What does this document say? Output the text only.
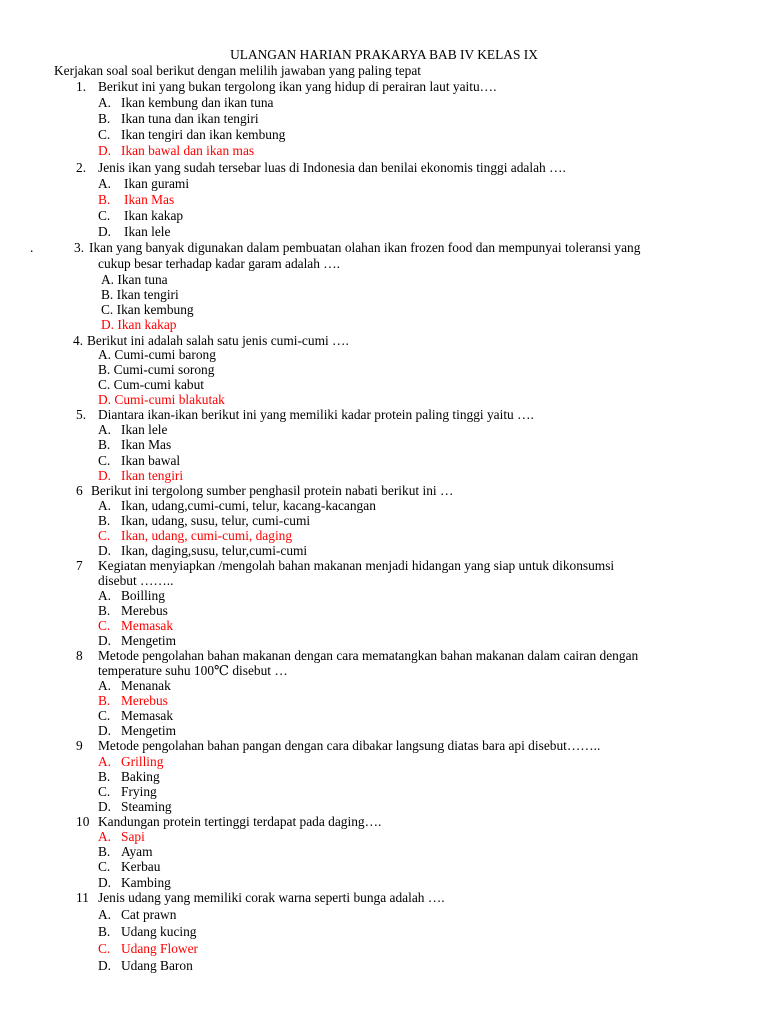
ULANGAN HARIAN PRAKARYA BAB IV KELAS IX
Kerjakan soal soal berikut dengan melilih jawaban yang paling tepat
.
1. Berikut ini yang bukan tergolong ikan yang hidup di perairan laut yaitu….
A. Ikan kembung dan ikan tuna
B. Ikan tuna dan ikan tengiri
C. Ikan tengiri dan ikan kembung
D. Ikan bawal dan ikan mas
2. Jenis ikan yang sudah tersebar luas di Indonesia dan benilai ekonomis tinggi adalah ….
A. Ikan gurami
B. Ikan Mas
C. Ikan kakap
D. Ikan lele
3. Ikan yang banyak digunakan dalam pembuatan olahan ikan frozen food dan mempunyai toleransi yang
cukup besar terhadap kadar garam adalah ….
A. Ikan tuna
B. Ikan tengiri
C. Ikan kembung
D. Ikan kakap
4. Berikut ini adalah salah satu jenis cumi-cumi ….
A. Cumi-cumi barong
B. Cumi-cumi sorong
C. Cum-cumi kabut
D. Cumi-cumi blakutak
5. Diantara ikan-ikan berikut ini yang memiliki kadar protein paling tinggi yaitu ….
A. Ikan lele
B. Ikan Mas
C. Ikan bawal
D. Ikan tengiri
6 Berikut ini tergolong sumber penghasil protein nabati berikut ini …
A. Ikan, udang,cumi-cumi, telur, kacang-kacangan
B. Ikan, udang, susu, telur, cumi-cumi
C. Ikan, udang, cumi-cumi, daging
D. Ikan, daging,susu, telur,cumi-cumi
7 Kegiatan menyiapkan /mengolah bahan makanan menjadi hidangan yang siap untuk dikonsumsi
disebut ……..
A. Boilling
B. Merebus
C. Memasak
D. Mengetim
8 Metode pengolahan bahan makanan dengan cara mematangkan bahan makanan dalam cairan dengan
temperature suhu 100℃ disebut …
A. Menanak
B. Merebus
C. Memasak
D. Mengetim
9 Metode pengolahan bahan pangan dengan cara dibakar langsung diatas bara api disebut……..
A. Grilling
B. Baking
C. Frying
D. Steaming
10 Kandungan protein tertinggi terdapat pada daging….
A. Sapi
B. Ayam
C. Kerbau
D. Kambing
11 Jenis udang yang memiliki corak warna seperti bunga adalah ….
A. Cat prawn
B. Udang kucing
C. Udang Flower
D. Udang Baron
